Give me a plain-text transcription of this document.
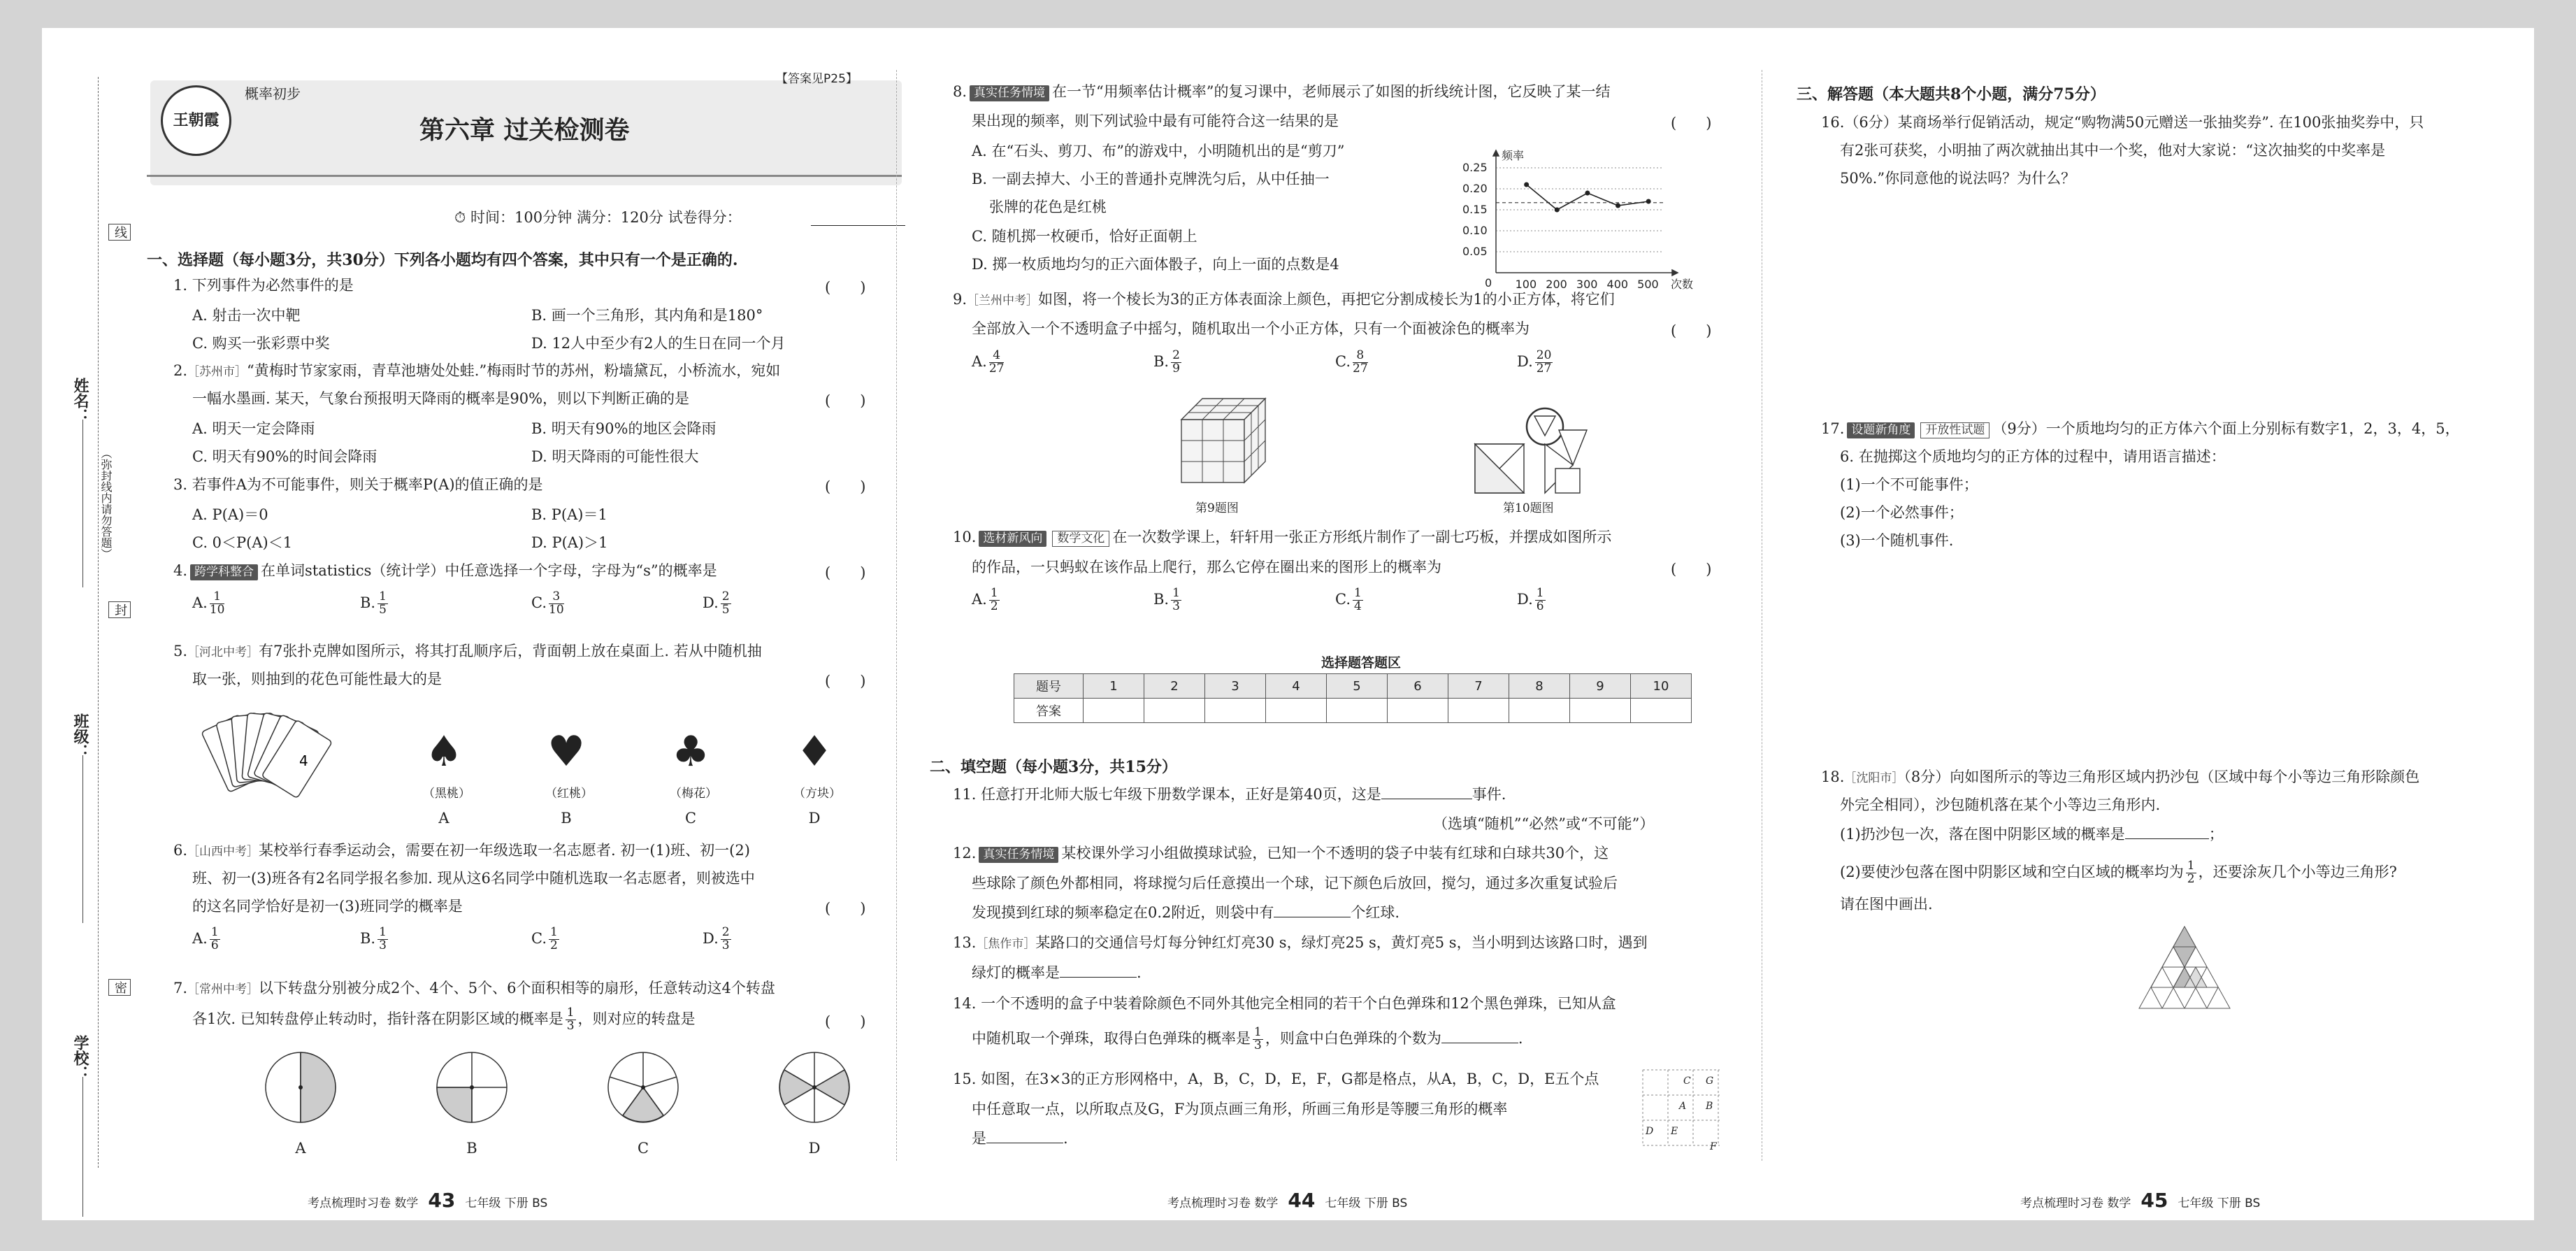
线
姓名：
（弥封线内请勿答题）
封
班级：
密
学校：
王朝霞
概率初步
【答案见P25】
第六章 过关检测卷
⏱ 时间：100分钟 满分：120分 试卷得分：
一、选择题（每小题3分，共30分）下列各小题均有四个答案，其中只有一个是正确的.
1. 下列事件为必然事件的是	(　　)
A. 射击一次中靶	B. 画一个三角形，其内角和是180°
C. 购买一张彩票中奖	D. 12人中至少有2人的生日在同一个月
2.［苏州市］“黄梅时节家家雨，青草池塘处处蛙.”梅雨时节的苏州，粉墙黛瓦，小桥流水，宛如
一幅水墨画. 某天，气象台预报明天降雨的概率是90%，则以下判断正确的是	(　　)
A. 明天一定会降雨	B. 明天有90%的地区会降雨
C. 明天有90%的时间会降雨	D. 明天降雨的可能性很大
3. 若事件A为不可能事件，则关于概率P(A)的值正确的是	(　　)
A. P(A)＝0	B. P(A)＝1
C. 0＜P(A)＜1	D. P(A)＞1
4. 跨学科整合 在单词statistics（统计学）中任意选择一个字母，字母为“s”的概率是	(　　)
A. $\frac{1}{10}$	B. $\frac{1}{5}$	C. $\frac{3}{10}$	D. $\frac{2}{5}$
5.［河北中考］有7张扑克牌如图所示，将其打乱顺序后，背面朝上放在桌面上. 若从中随机抽
取一张，则抽到的花色可能性最大的是	(　　)
4	♠
（黑桃）
A
♥
（红桃）
B
♣
（梅花）
C
♦
（方块）
D
6.［山西中考］某校举行春季运动会，需要在初一年级选取一名志愿者. 初一(1)班、初一(2)
班、初一(3)班各有2名同学报名参加. 现从这6名同学中随机选取一名志愿者，则被选中
的这名同学恰好是初一(3)班同学的概率是	(　　)
A. $\frac{1}{6}$	B. $\frac{1}{3}$	C. $\frac{1}{2}$	D. $\frac{2}{3}$
7.［常州中考］以下转盘分别被分成2个、4个、5个、6个面积相等的扇形，任意转动这4个转盘
各1次. 已知转盘停止转动时，指针落在阴影区域的概率是 $\frac{1}{3}$ ，则对应的转盘是	(　　)
A	B	C	D
考点梳理时习卷 数学 43 七年级 下册 BS
8. 真实任务情境 在一节“用频率估计概率”的复习课中，老师展示了如图的折线统计图，它反映了某一结
果出现的频率，则下列试验中最有可能符合这一结果的是	(　　)
A. 在“石头、剪刀、布”的游戏中，小明随机出的是“剪刀”
B. 一副去掉大、小王的普通扑克牌洗匀后，从中任抽一
张牌的花色是红桃
C. 随机掷一枚硬币，恰好正面朝上
D. 掷一枚质地均匀的正六面体骰子，向上一面的点数是4
0.05
0.10
0.15
0.20
0.25
100 200 300 400 500
0
频率
次数
9.［兰州中考］如图，将一个棱长为3的正方体表面涂上颜色，再把它分割成棱长为1的小正方体，将它们
全部放入一个不透明盒子中摇匀，随机取出一个小正方体，只有一个面被涂色的概率为	(　　)
A. $\frac{4}{27}$	B. $\frac{2}{9}$	C. $\frac{8}{27}$	D. $\frac{20}{27}$
第9题图	第10题图
10. 选材新风向 数学文化 在一次数学课上，轩轩用一张正方形纸片制作了一副七巧板，并摆成如图所示
的作品，一只蚂蚁在该作品上爬行，那么它停在圈出来的图形上的概率为	(　　)
A. $\frac{1}{2}$	B. $\frac{1}{3}$	C. $\frac{1}{4}$	D. $\frac{1}{6}$
选择题答题区
题号	1	2	3	4	5	6	7	8	9	10
答案										
二、填空题（每小题3分，共15分）
11. 任意打开北师大版七年级下册数学课本，正好是第40页，这是	事件.
（选填“随机”“必然”或“不可能”）
12. 真实任务情境 某校课外学习小组做摸球试验，已知一个不透明的袋子中装有红球和白球共30个，这
些球除了颜色外都相同，将球搅匀后任意摸出一个球，记下颜色后放回，搅匀，通过多次重复试验后
发现摸到红球的频率稳定在0.2附近，则袋中有	个红球.
13.［焦作市］某路口的交通信号灯每分钟红灯亮30 s，绿灯亮25 s，黄灯亮5 s，当小明到达该路口时，遇到
绿灯的概率是	.
14. 一个不透明的盒子中装着除颜色不同外其他完全相同的若干个白色弹珠和12个黑色弹珠，已知从盒
中随机取一个弹珠，取得白色弹珠的概率是 $\frac{1}{3}$ ，则盒中白色弹珠的个数为	.
15. 如图，在3×3的正方形网格中，A，B，C，D，E，F，G都是格点，从A，B，C，D，E五个点
中任意取一点，以所取点及G，F为顶点画三角形，所画三角形是等腰三角形的概率
是	.
C G
A B
D E
F
考点梳理时习卷 数学 44 七年级 下册 BS
三、解答题（本大题共8个小题，满分75分）
16.（6分）某商场举行促销活动，规定“购物满50元赠送一张抽奖券”. 在100张抽奖券中，只
有2张可获奖，小明抽了两次就抽出其中一个奖，他对大家说：“这次抽奖的中奖率是
50%.”你同意他的说法吗？为什么？
17. 设题新角度 开放性试题 （9分）一个质地均匀的正方体六个面上分别标有数字1，2，3，4，5，
6. 在抛掷这个质地均匀的正方体的过程中，请用语言描述：
(1)一个不可能事件；
(2)一个必然事件；
(3)一个随机事件.
18.［沈阳市］（8分）向如图所示的等边三角形区域内扔沙包（区域中每个小等边三角形除颜色
外完全相同），沙包随机落在某个小等边三角形内.
(1)扔沙包一次，落在图中阴影区域的概率是	；
(2)要使沙包落在图中阴影区域和空白区域的概率均为 $\frac{1}{2}$ ，还要涂灰几个小等边三角形?
请在图中画出.
考点梳理时习卷 数学 45 七年级 下册 BS
